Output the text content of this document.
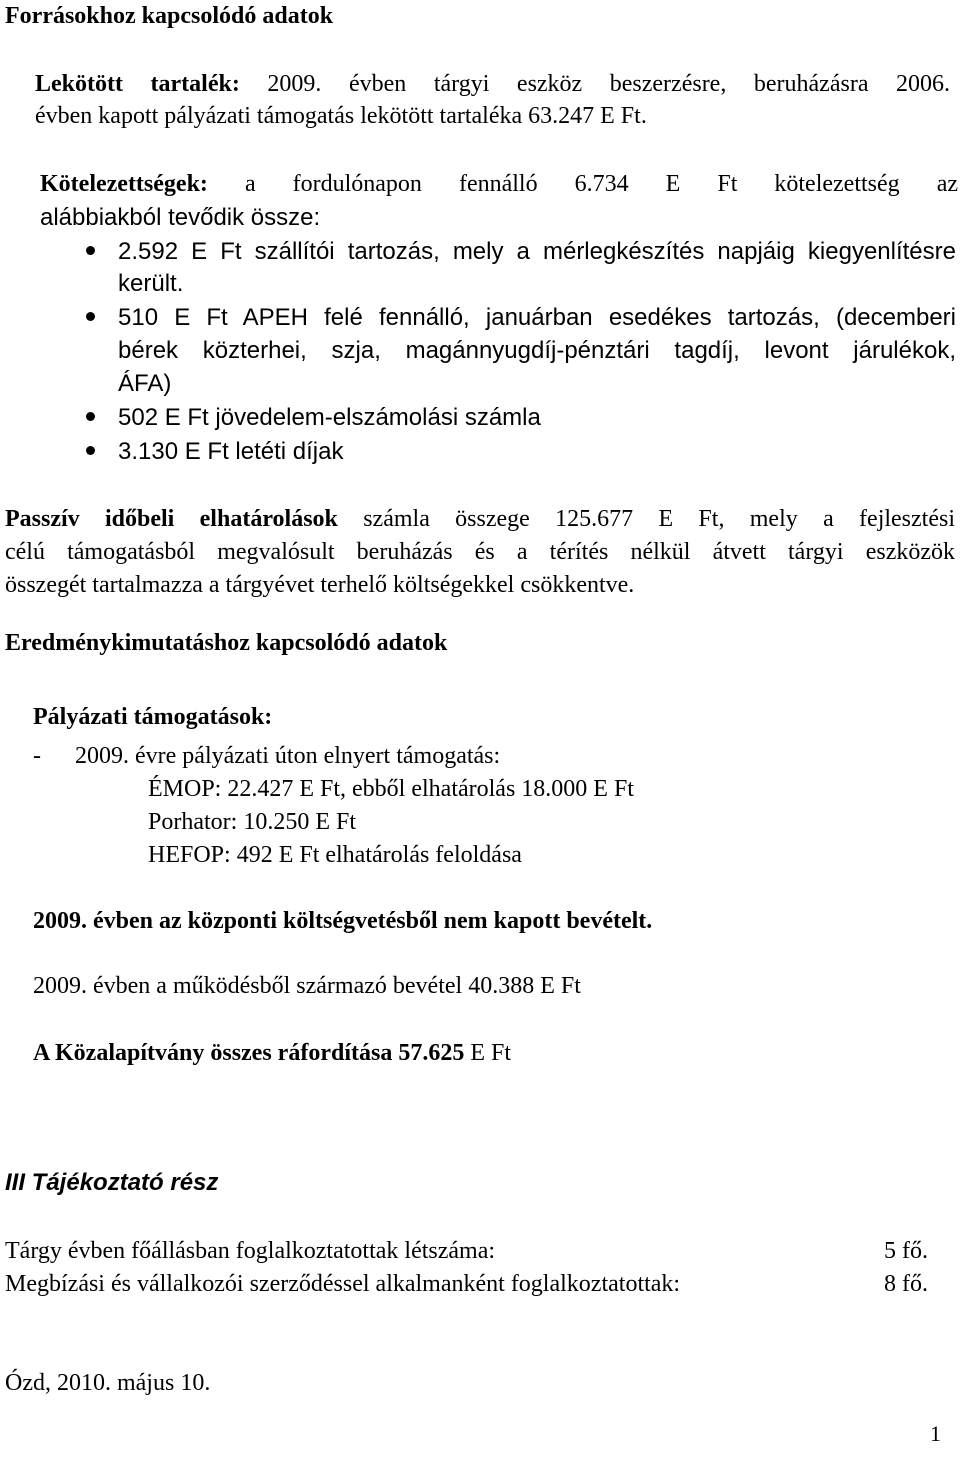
Forrásokhoz kapcsolódó adatok
Lekötött tartalék: 2009. évben tárgyi eszköz beszerzésre, beruházásra 2006.
évben kapott pályázati támogatás lekötött tartaléka 63.247 E Ft.
Kötelezettségek: a fordulónapon fennálló 6.734 E Ft kötelezettség az
alábbiakból tevődik össze:
2.592 E Ft szállítói tartozás, mely a mérlegkészítés napjáig kiegyenlítésre
került.
510 E Ft APEH felé fennálló, januárban esedékes tartozás, (decemberi
bérek közterhei, szja, magánnyugdíj-pénztári tagdíj, levont járulékok,
ÁFA)
502 E Ft jövedelem-elszámolási számla
3.130 E Ft letéti díjak
Passzív időbeli elhatárolások számla összege 125.677 E Ft, mely a fejlesztési
célú támogatásból megvalósult beruházás és a térítés nélkül átvett tárgyi eszközök
összegét tartalmazza a tárgyévet terhelő költségekkel csökkentve.
Eredménykimutatáshoz kapcsolódó adatok
Pályázati támogatások:
- 2009. évre pályázati úton elnyert támogatás:
ÉMOP: 22.427 E Ft, ebből elhatárolás 18.000 E Ft
Porhator: 10.250 E Ft
HEFOP: 492 E Ft elhatárolás feloldása
2009. évben az központi költségvetésből nem kapott bevételt.
2009. évben a működésből származó bevétel 40.388 E Ft
A Közalapítvány összes ráfordítása 57.625 E Ft
III Tájékoztató rész
Tárgy évben főállásban foglalkoztatottak létszáma:	5 fő.
Megbízási és vállalkozói szerződéssel alkalmanként foglalkoztatottak:	8 fő.
Ózd, 2010. május 10.
1
